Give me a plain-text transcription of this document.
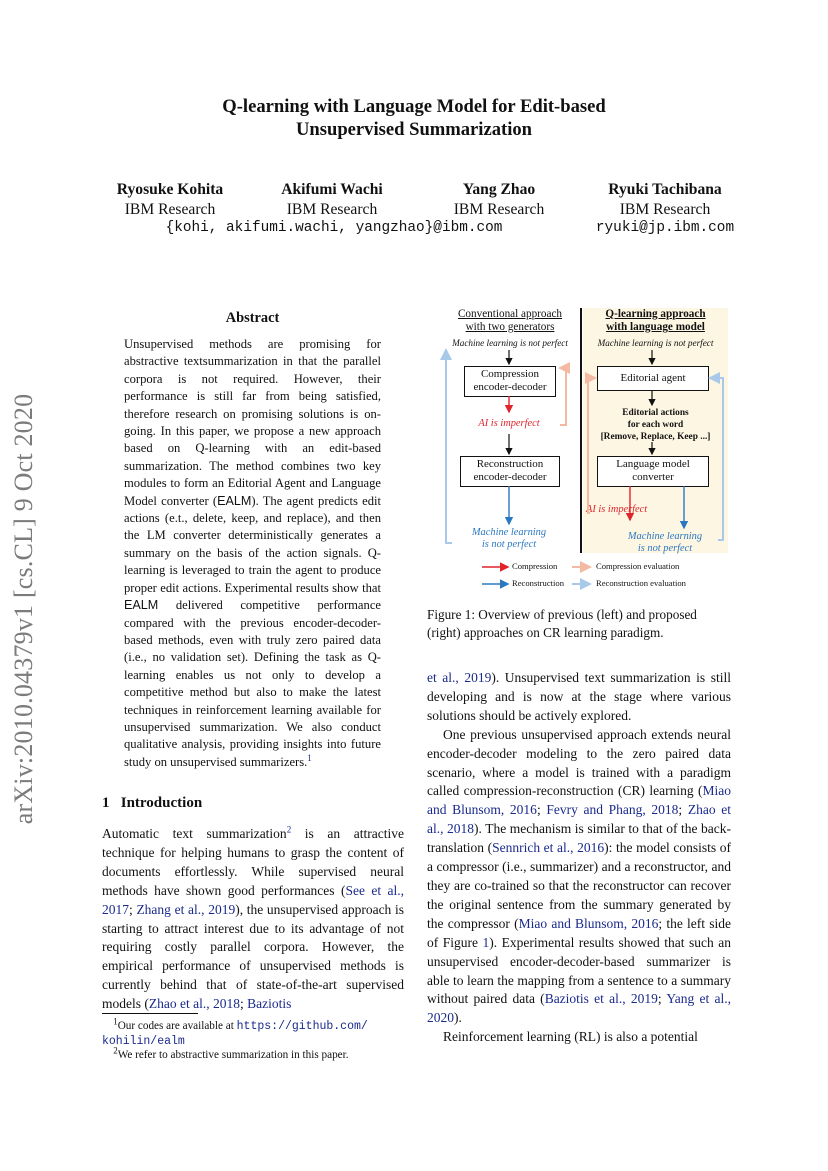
arXiv:2010.04379v1 [cs.CL] 9 Oct 2020
Q-learning with Language Model for Edit-based
Unsupervised Summarization
Ryosuke Kohita
IBM Research
Akifumi Wachi
IBM Research
Yang Zhao
IBM Research
Ryuki Tachibana
IBM Research
{kohi, akifumi.wachi, yangzhao}@ibm.com	ryuki@jp.ibm.com
Abstract
Unsupervised methods are promising for abstractive textsummarization in that the parallel corpora is not required. However, their performance is still far from being satisfied, therefore research on promising solutions is on-going. In this paper, we propose a new approach based on Q-learning with an edit-based summarization. The method combines two key modules to form an Editorial Agent and Language Model converter (EALM). The agent predicts edit actions (e.t., delete, keep, and replace), and then the LM converter deterministically generates a summary on the basis of the action signals. Q-learning is leveraged to train the agent to produce proper edit actions. Experimental results show that EALM delivered competitive performance compared with the previous encoder-decoder-based methods, even with truly zero paired data (i.e., no validation set). Defining the task as Q-learning enables us not only to develop a competitive method but also to make the latest techniques in reinforcement learning available for unsupervised summarization. We also conduct qualitative analysis, providing insights into future study on unsupervised summarizers.$^1$
1 Introduction
Automatic text summarization$^2$ is an attractive technique for helping humans to grasp the content of documents effortlessly. While supervised neural methods have shown good performances (See et al., 2017; Zhang et al., 2019), the unsupervised approach is starting to attract interest due to its advantage of not requiring costly parallel corpora. However, the empirical performance of unsupervised methods is currently behind that of state-of-the-art supervised models (Zhao et al., 2018; Baziotis
$^1$Our codes are available at https://github.com/
kohilin/ealm
$^2$We refer to abstractive summarization in this paper.
Conventional approach
with two generators
Machine learning is not perfect
Compression
encoder-decoder
AI is imperfect
Reconstruction
encoder-decoder
Machine learning
is not perfect
Q-learning approach
with language model
Machine learning is not perfect
Editorial agent
Editorial actions
for each word
[Remove, Replace, Keep ...]
Language model
converter
AI is imperfect
Machine learning
is not perfect
Compression
Reconstruction
Compression evaluation
Reconstruction evaluation
Figure 1: Overview of previous (left) and proposed (right) approaches on CR learning paradigm.

et al., 2019). Unsupervised text summarization is still developing and is now at the stage where various solutions should be actively explored.

One previous unsupervised approach extends neural encoder-decoder modeling to the zero paired data scenario, where a model is trained with a paradigm called compression-reconstruction (CR) learning (Miao and Blunsom, 2016; Fevry and Phang, 2018; Zhao et al., 2018). The mechanism is similar to that of the back-translation (Sennrich et al., 2016): the model consists of a compressor (i.e., summarizer) and a reconstructor, and they are co-trained so that the reconstructor can recover the original sentence from the summary generated by the compressor (Miao and Blunsom, 2016; the left side of Figure 1). Experimental results showed that such an unsupervised encoder-decoder-based summarizer is able to learn the mapping from a sentence to a summary without paired data (Baziotis et al., 2019; Yang et al., 2020).

Reinforcement learning (RL) is also a potential
